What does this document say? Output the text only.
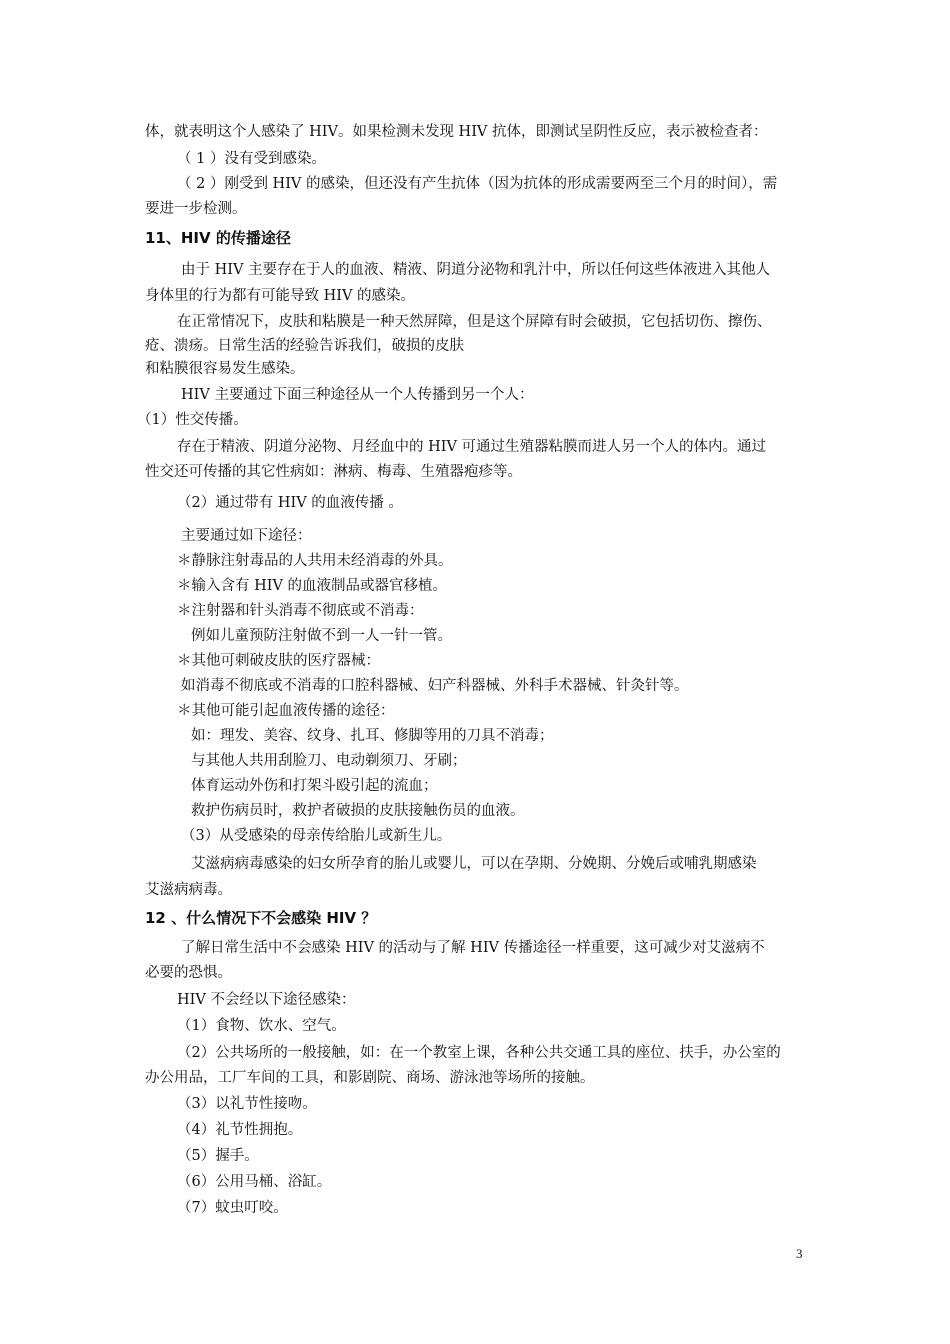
体，就表明这个人感染了 HIV。如果检测未发现 HIV 抗体，即测试呈阴性反应，表示被检查者：
（ 1 ）没有受到感染。
（ 2 ）刚受到 HIV 的感染，但还没有产生抗体（因为抗体的形成需要两至三个月的时间），需
要进一步检测。
11、HIV 的传播途径
由于 HIV 主要存在于人的血液、精液、阴道分泌物和乳汁中，所以任何这些体液进入其他人
身体里的行为都有可能导致 HIV 的感染。
在正常情况下，皮肤和粘膜是一种天然屏障，但是这个屏障有时会破损，它包括切伤、擦伤、
疮、溃疡。日常生活的经验告诉我们，破损的皮肤
和粘膜很容易发生感染。
HIV 主要通过下面三种途径从一个人传播到另一个人：
（1）性交传播。
存在于精液、阴道分泌物、月经血中的 HIV 可通过生殖器粘膜而进人另一个人的体内。通过
性交还可传播的其它性病如：淋病、梅毒、生殖器疱疹等。
（2）通过带有 HIV 的血液传播 。
主要通过如下途径：
＊静脉注射毒品的人共用未经消毒的外具。
＊输入含有 HIV 的血液制品或器官移植。
＊注射器和针头消毒不彻底或不消毒：
例如儿童预防注射做不到一人一针一管。
＊其他可刺破皮肤的医疗器械：
如消毒不彻底或不消毒的口腔科器械、妇产科器械、外科手术器械、针灸针等。
＊其他可能引起血液传播的途径：
如：理发、美容、纹身、扎耳、修脚等用的刀具不消毒；
与其他人共用刮脸刀、电动剃须刀、牙刷；
体育运动外伤和打架斗殴引起的流血；
救护伤病员时，救护者破损的皮肤接触伤员的血液。
（3）从受感染的母亲传给胎儿或新生儿。
艾滋病病毒感染的妇女所孕育的胎儿或婴儿，可以在孕期、分娩期、分娩后或哺乳期感染
艾滋病病毒。
12 、什么情况下不会感染 HIV ？
了解日常生活中不会感染 HIV 的活动与了解 HIV 传播途径一样重要，这可减少对艾滋病不
必要的恐惧。
HIV 不会经以下途径感染：
（1）食物、饮水、空气。
（2）公共场所的一般接触，如：在一个教室上课，各种公共交通工具的座位、扶手，办公室的
办公用品，工厂车间的工具，和影剧院、商场、游泳池等场所的接触。
（3）以礼节性接吻。
（4）礼节性拥抱。
（5）握手。
（6）公用马桶、浴缸。
（7）蚊虫叮咬。
3
